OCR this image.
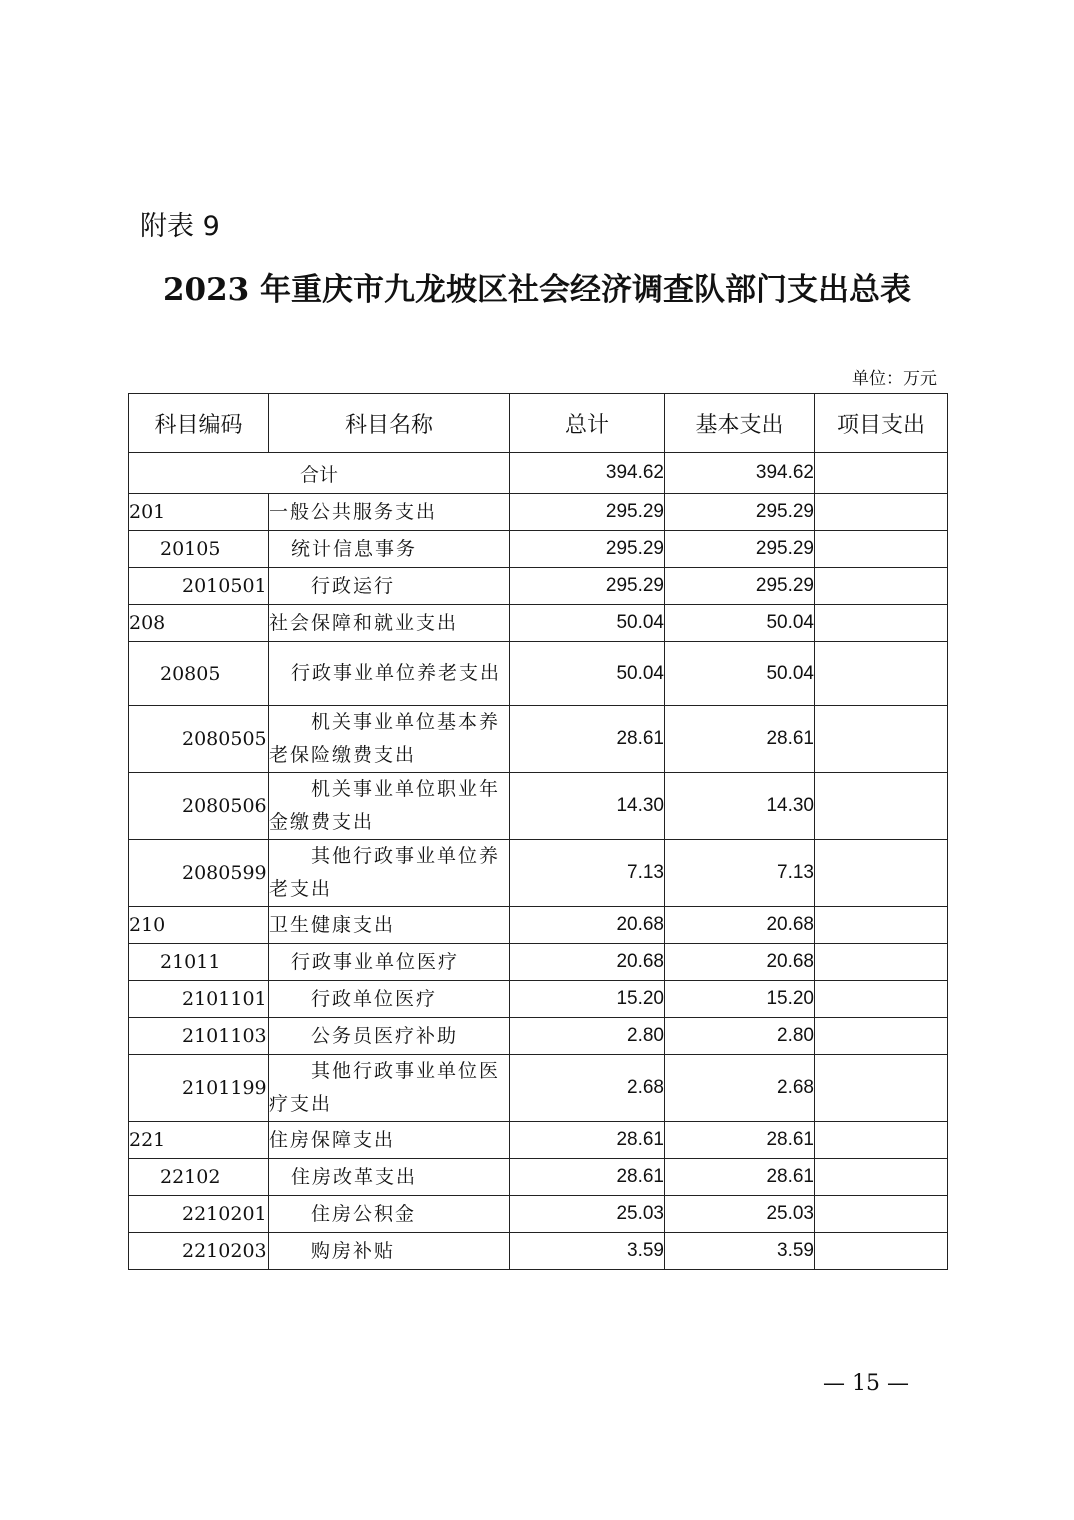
附表 9
2023 年重庆市九龙坡区社会经济调查队部门支出总表
单位：万元
科目编码	科目名称	总计	基本支出	项目支出
合计		394.62	394.62	
201	一般公共服务支出	295.29	295.29	
20105	统计信息事务	295.29	295.29	
2010501	行政运行	295.29	295.29	
208	社会保障和就业支出	50.04	50.04	
20805	行政事业单位养老支出	50.04	50.04	
2080505	机关事业单位基本养老保险缴费支出	28.61	28.61	
2080506	机关事业单位职业年金缴费支出	14.30	14.30	
2080599	其他行政事业单位养老支出	7.13	7.13	
210	卫生健康支出	20.68	20.68	
21011	行政事业单位医疗	20.68	20.68	
2101101	行政单位医疗	15.20	15.20	
2101103	公务员医疗补助	2.80	2.80	
2101199	其他行政事业单位医疗支出	2.68	2.68	
221	住房保障支出	28.61	28.61	
22102	住房改革支出	28.61	28.61	
2210201	住房公积金	25.03	25.03	
2210203	购房补贴	3.59	3.59	
— 15 —
